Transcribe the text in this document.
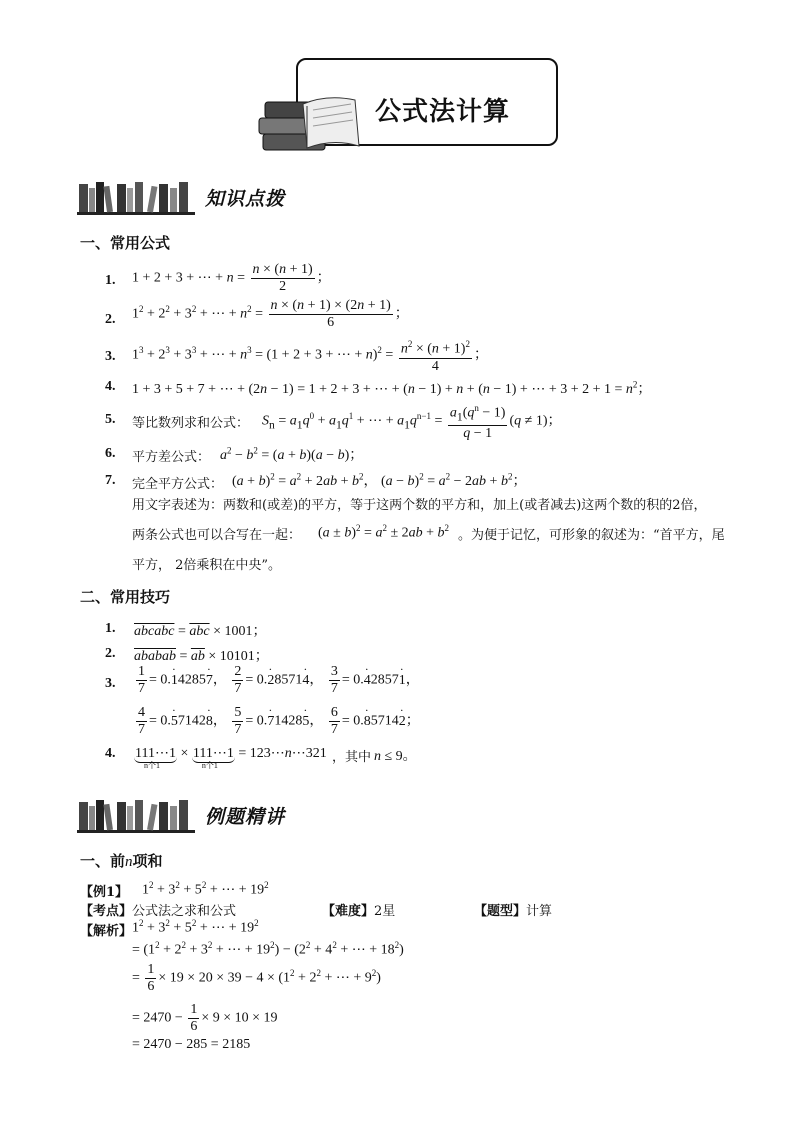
公式法计算
知识点拨
一、常用公式
1. 1 + 2 + 3 + ⋯ + $n = \frac{n \times (n + 1)}{2}$ ；
2. $1^2 + 2^2 + 3^2$ + ⋯ + $n^2 = \frac{n \times (n + 1) \times (2n + 1)}{6}$ ；
3. $1^3 + 2^3 + 3^3$ + ⋯ + $n^3 = (1 + 2 + 3$ + ⋯ + $n)^2 = \frac{n^2 \times (n + 1)^2}{4}$ ；
4. 1 + 3 + 5 + 7 + ⋯ + (2n − 1) = 1 + 2 + 3 + ⋯ + (n − 1) + n + (n − 1) + ⋯ + $3 + 2 + 1 = n^2$；
5. 等比数列求和公式： $S_n = a_1q^0 + a_1q^1$ + ⋯ + $a_1q^{n-1} = \frac{a_1(q^n - 1)}{q - 1} (q \ne 1)$；
6. 平方差公式： $a^2 - b^2 = (a + b)(a - b)$；
7. 完全平方公式： $(a + b)^2 = a^2 + 2ab + b^2$， $(a - b)^2 = a^2 - 2ab + b^2$；
用文字表述为：两数和(或差)的平方，等于这两个数的平方和，加上(或者减去)这两个数的积的2倍，
两条公式也可以合写在一起： $(a \pm b)^2 = a^2 \pm 2ab + b^2$ 。为便于记忆，可形象的叙述为：“首平方，尾
平方， 2倍乘积在中央”。
二、常用技巧
1. abcabc = $\overline{abc} \times 1001$；
2. ababab = $\overline{ab} \times 10101$；
3. $\frac{1}{7} = 0.\cdot 14285\cdot 7$， $\frac{2}{7} = 0.\cdot 28571\cdot 4$， $\frac{3}{7} = 0.\cdot 42857\cdot 1$，
$\frac{4}{7} = 0.\cdot 57142\cdot 8$， $\frac{5}{7} = 0.\cdot 71428\cdot 5$， $\frac{6}{7} = 0.\cdot 85714\cdot 2$；
4. 111⋯1
n个1
× 111⋯1
n个1
= 123⋯n⋯321 ，其中 n ≤ 9。
例题精讲
一、前n项和
【例1】 $1^2 + 3^2 + 5^2$ + ⋯ + $19^2$
【考点】公式法之求和公式	【难度】2星	【题型】计算
【解析】 $1^2 + 3^2 + 5^2$ + ⋯ + $19^2$
= ($1^2 + 2^2 + 3^2$ + ⋯ + $19^2) - (2^2 + 4^2$ + ⋯ + $18^2$)
= $\frac{1}{6} \times 19 \times 20 \times 39 - 4 \times (1^2 + 2^2$ + ⋯ + $9^2$)
= $2470 - \frac{1}{6} \times 9 \times 10 \times 19$
= 2470 − 285 = 2185
